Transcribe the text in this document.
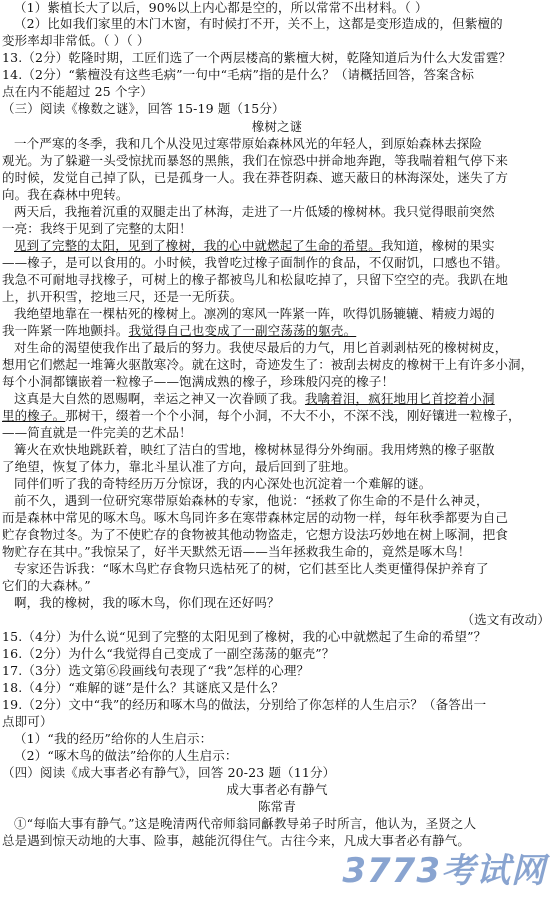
（1）紫植长大了以后，90%以上内心都是空的，所以常常不出材料。（ ）
（2）比如我们家里的木门木窗，有时候打不开，关不上，这都是变形造成的，但紫檀的
变形率却非常低。（ ）（ ）
13.（2分）乾隆时期，工匠们选了一个两层楼高的紫檀大树，乾隆知道后为什么大发雷霆？
14.（2分）“紫檀没有这些毛病”一句中“毛病”指的是什么？（请概括回答，答案含标
点在内不能超过 25 个字）
（三）阅读《橡数之谜》，回答 15-19 题（15分）
橡树之谜
一个严寒的冬季，我和几个从没见过寒带原始森林风光的年轻人，到原始森林去探险
观光。为了躲避一头受惊扰而暴怒的黑熊，我们在惊恐中拼命地奔跑，等我喘着粗气停下来
的时候，发觉自己掉了队，已是孤身一人。我在莽苍阴森、遮天蔽日的林海深处，迷失了方
向。我在森林中兜转。
两天后，我拖着沉重的双腿走出了林海，走进了一片低矮的橡树林。我只觉得眼前突然
一亮：我终于见到了完整的太阳！
见到了完整的太阳，见到了橡树，我的心中就燃起了生命的希望。我知道，橡树的果实
——橡子，是可以食用的。小时候，我曾吃过橡子面制作的食品，不仅耐饥，口感也不错。
我急不可耐地寻找橡子，可树上的橡子都被鸟儿和松鼠吃掉了，只留下空空的壳。我趴在地
上，扒开积雪，挖地三尺，还是一无所获。
我绝望地靠在一棵枯死的橡树上。凛冽的寒风一阵紧一阵，吹得饥肠辘辘、精疲力竭的
我一阵紧一阵地颤抖。我觉得自己也变成了一副空荡荡的躯壳。
对生命的渴望使我作出了最后的努力。我使尽最后的力气，用匕首剥剥枯死的橡树树皮，
想用它们燃起一堆篝火驱散寒冷。就在这时，奇迹发生了：被刮去树皮的橡树干上有许多小洞，
每个小洞都镶嵌着一粒橡子——饱满成熟的橡子，珍珠般闪亮的橡子！
这真是大自然的恩赐啊，幸运之神又一次眷顾了我。我噙着泪，疯狂地用匕首挖着小洞
里的橡子。那树干，缀着一个个小洞，每个小洞，不大不小，不深不浅，刚好镶进一粒橡子，
——简直就是一件完美的艺术品！
篝火在欢快地跳跃着，映红了洁白的雪地，橡树林显得分外绚丽。我用烤熟的橡子驱散
了绝望，恢复了体力，靠北斗星认准了方向，最后回到了驻地。
同伴们听了我的奇特经历万分惊讶，我的内心深处也沉淀着一个难解的谜。
前不久，遇到一位研究寒带原始森林的专家，他说：“拯救了你生命的不是什么神灵，
而是森林中常见的啄木鸟。啄木鸟同许多在寒带森林定居的动物一样，每年秋季都要为自己
贮存食物过冬。为了不使贮存的食物被其他动物盗走，它想方设法巧妙地在树上啄洞，把食
物贮存在其中。”我惊呆了，好半天默然无语——当年拯救我生命的，竟然是啄木鸟！
专家还告诉我：“啄木鸟贮存食物只选枯死了的树，它们甚至比人类更懂得保护养育了
它们的大森林。”
啊，我的橡树，我的啄木鸟，你们现在还好吗？
（选文有改动）
15.（4分）为什么说“见到了完整的太阳见到了橡树，我的心中就燃起了生命的希望”？
16.（2分）为什么“我觉得自己变成了一副空荡荡的躯壳”？
17.（3分）选文第⑥段画线句表现了“我”怎样的心理？
18.（4分）“难解的谜”是什么？其谜底又是什么？
19.（2分）文中“我”的经历和啄木鸟的做法，分别给了你怎样的人生启示？（备答出一
点即可）
（1）“我的经历”给你的人生启示：
（2）“啄木鸟的做法”给你的人生启示：
（四）阅读《成大事者必有静气》，回答 20-23 题（11分）
成大事者必有静气
陈常青
①“每临大事有静气。”这是晚清两代帝师翁同龢教导弟子时所言，他认为，圣贤之人
总是遇到惊天动地的大事、险事，越能沉得住气。古往今来，凡成大事者必有静气。
3773考试网
